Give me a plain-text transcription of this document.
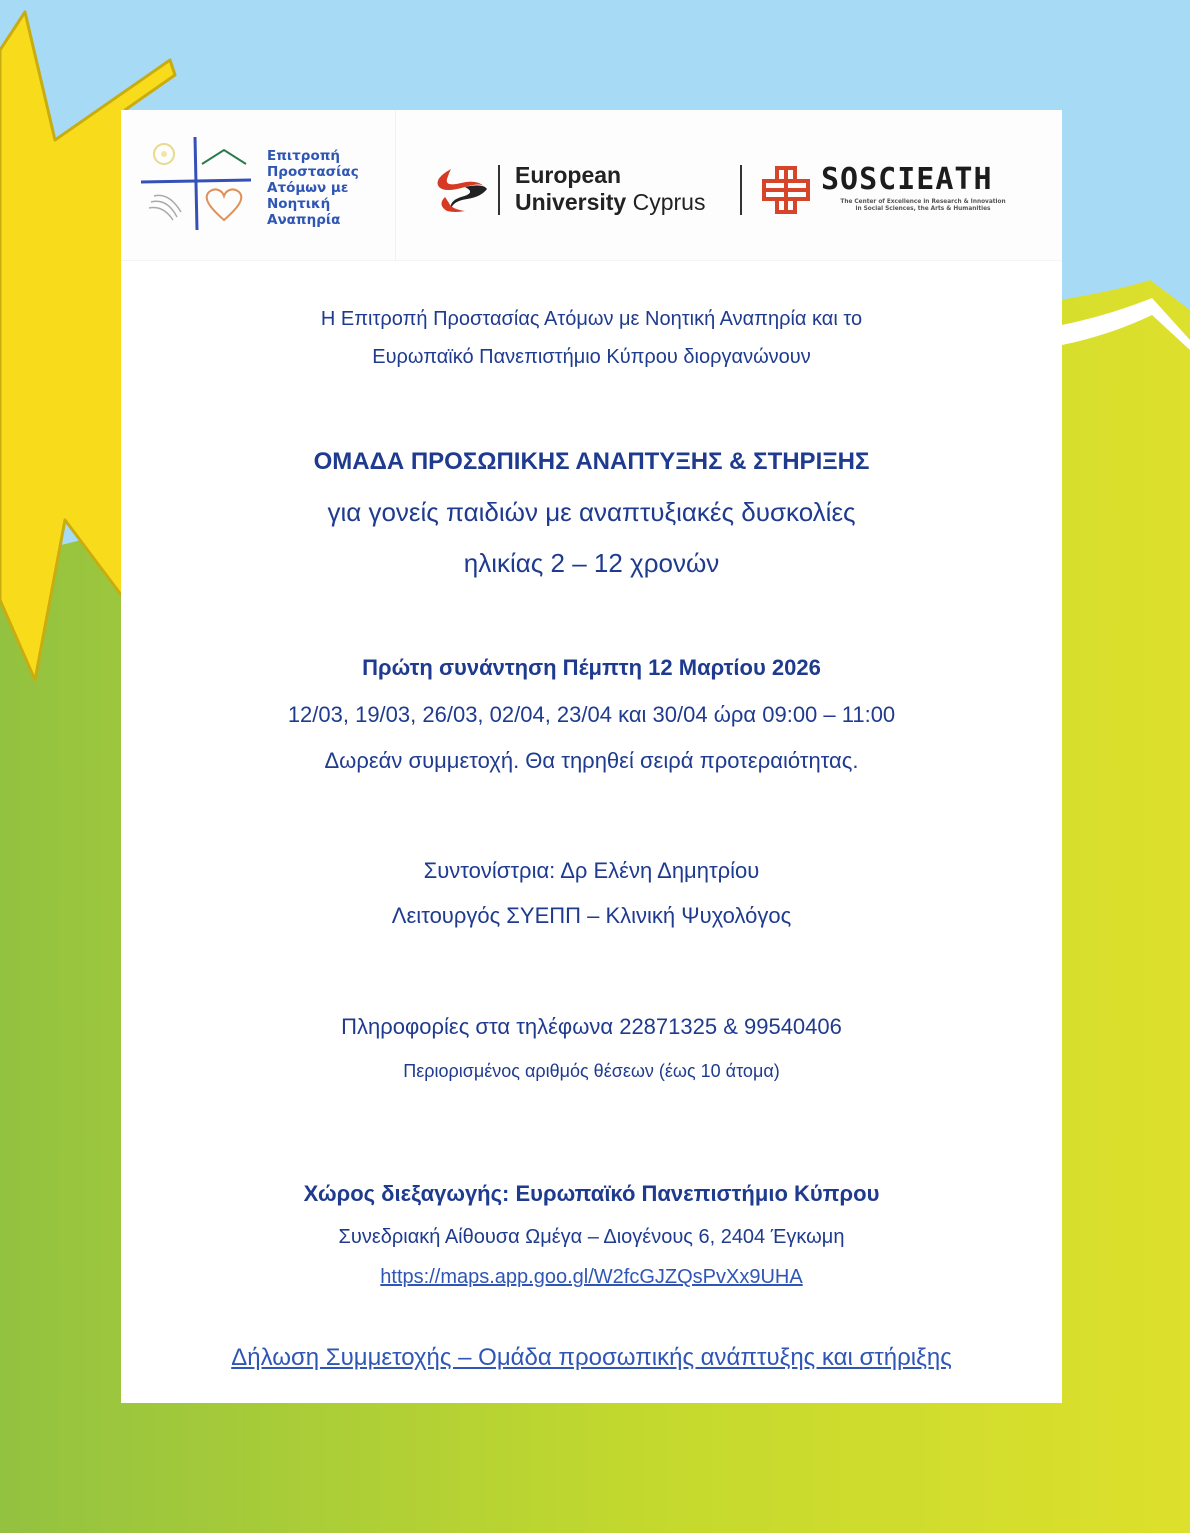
Επιτροπή
Προστασίας
Ατόμων με
Νοητική
Αναπηρία
European
University Cyprus
SOSCIEATH
The Center of Excellence in Research & Innovation
in Social Sciences, the Arts & Humanities
Η Επιτροπή Προστασίας Ατόμων με Νοητική Αναπηρία και το
Ευρωπαϊκό Πανεπιστήμιο Κύπρου διοργανώνουν
ΟΜΑΔΑ ΠΡΟΣΩΠΙΚΗΣ ΑΝΑΠΤΥΞΗΣ & ΣΤΗΡΙΞΗΣ
για γονείς παιδιών με αναπτυξιακές δυσκολίες
ηλικίας 2 – 12 χρονών
Πρώτη συνάντηση Πέμπτη 12 Μαρτίου 2026
12/03, 19/03, 26/03, 02/04, 23/04 και 30/04 ώρα 09:00 – 11:00
Δωρεάν συμμετοχή. Θα τηρηθεί σειρά προτεραιότητας.
Συντονίστρια: Δρ Ελένη Δημητρίου
Λειτουργός ΣΥΕΠΠ – Κλινική Ψυχολόγος
Πληροφορίες στα τηλέφωνα 22871325 & 99540406
Περιορισμένος αριθμός θέσεων (έως 10 άτομα)
Χώρος διεξαγωγής: Ευρωπαϊκό Πανεπιστήμιο Κύπρου
Συνεδριακή Αίθουσα Ωμέγα – Διογένους 6, 2404 Έγκωμη
https://maps.app.goo.gl/W2fcGJZQsPvXx9UHA
Δήλωση Συμμετοχής – Ομάδα προσωπικής ανάπτυξης και στήριξης
